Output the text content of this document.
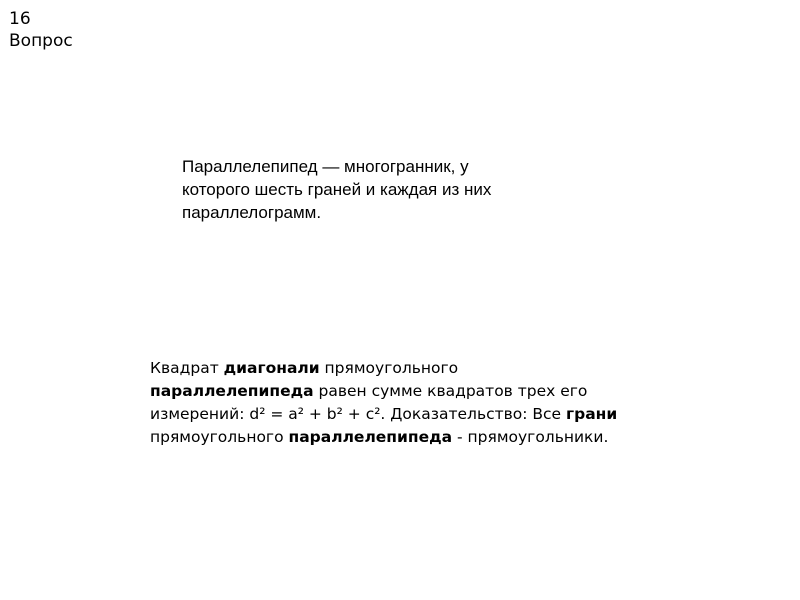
16
Вопрос
Параллелепипед — многогранник, у
которого шесть граней и каждая из них
параллелограмм.
Квадрат диагонали прямоугольного
параллелепипеда равен сумме квадратов трех его
измерений: d² = a² + b² + c². Доказательство: Все грани
прямоугольного параллелепипеда - прямоугольники.
